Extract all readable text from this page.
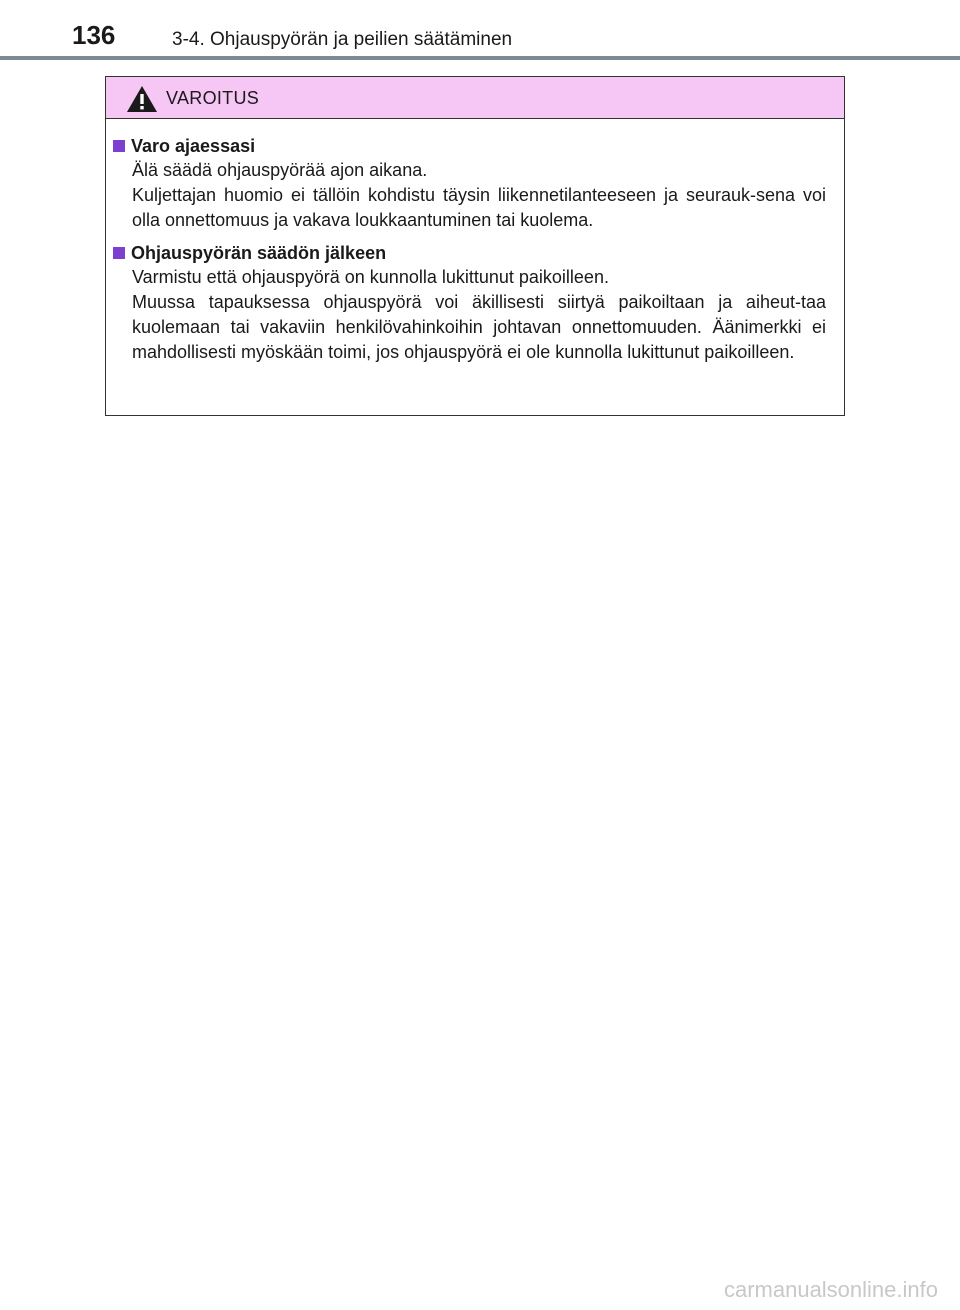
136	3-4. Ohjauspyörän ja peilien säätäminen
VAROITUS
Varo ajaessasi

Älä säädä ohjauspyörää ajon aikana.

Kuljettajan huomio ei tällöin kohdistu täysin liikennetilanteeseen ja seurauk-sena voi olla onnettomuus ja vakava loukkaantuminen tai kuolema.

Ohjauspyörän säädön jälkeen

Varmistu että ohjauspyörä on kunnolla lukittunut paikoilleen.

Muussa tapauksessa ohjauspyörä voi äkillisesti siirtyä paikoiltaan ja aiheut-taa kuolemaan tai vakaviin henkilövahinkoihin johtavan onnettomuuden. Äänimerkki ei mahdollisesti myöskään toimi, jos ohjauspyörä ei ole kunnolla lukittunut paikoilleen.

carmanualsonline.info
